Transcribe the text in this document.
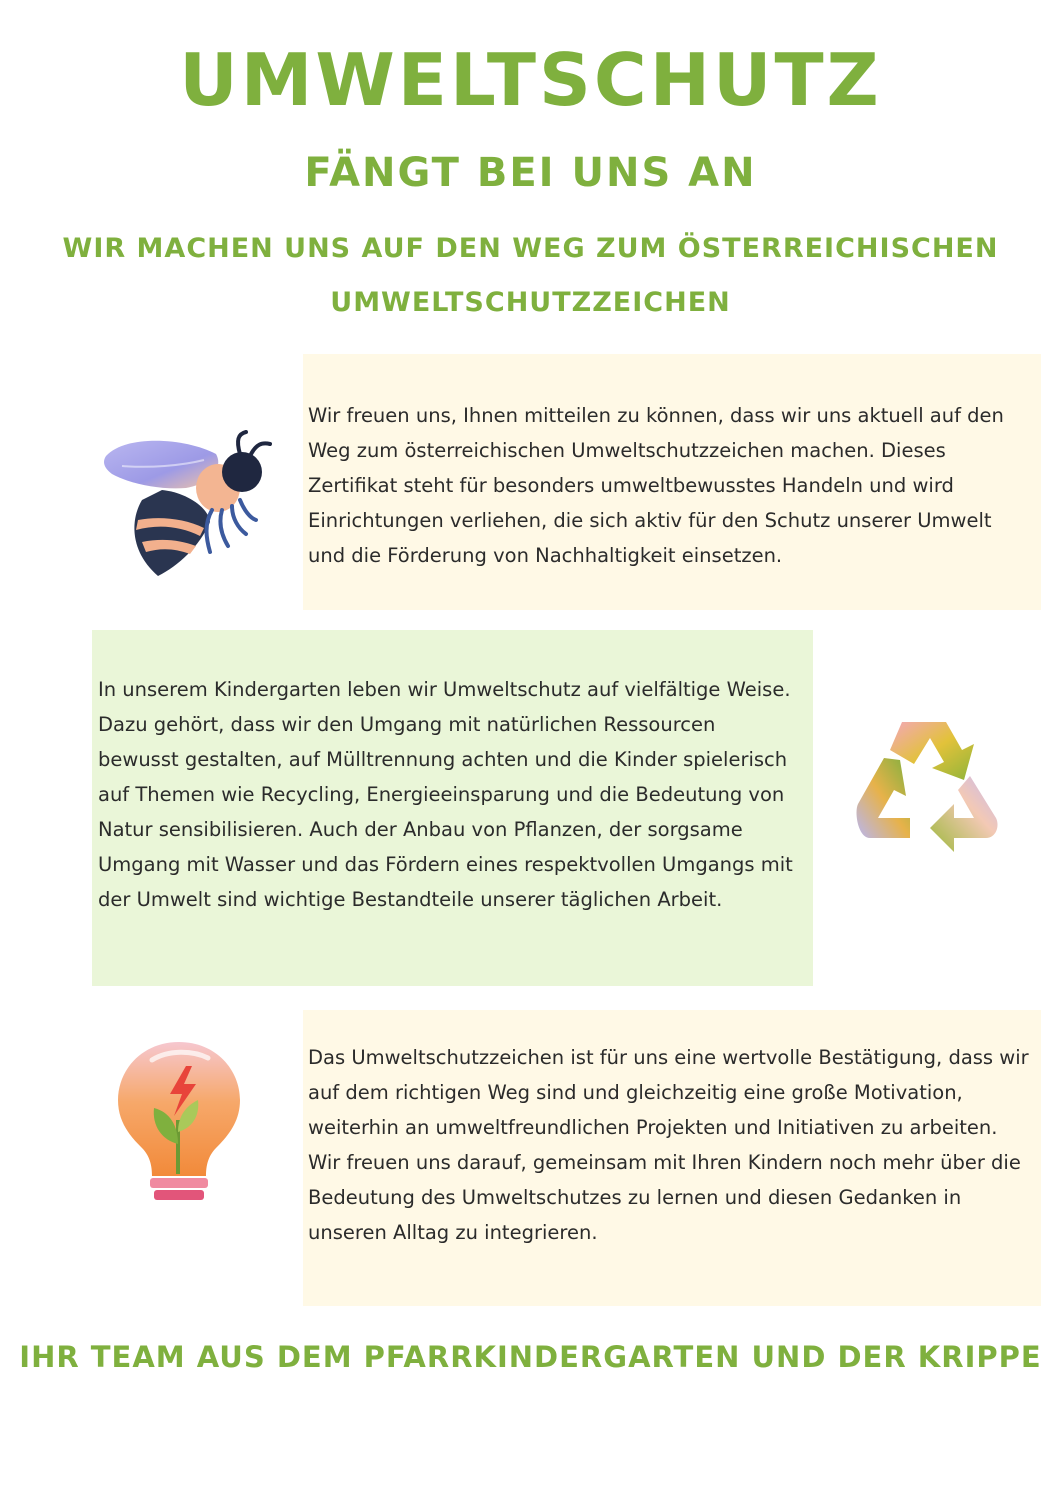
UMWELTSCHUTZ
FÄNGT BEI UNS AN
WIR MACHEN UNS AUF DEN WEG ZUM ÖSTERREICHISCHEN UMWELTSCHUTZZEICHEN

Wir freuen uns, Ihnen mitteilen zu können, dass wir uns aktuell auf den Weg zum österreichischen Umweltschutzzeichen machen. Dieses Zertifikat steht für besonders umweltbewusstes Handeln und wird Einrichtungen verliehen, die sich aktiv für den Schutz unserer Umwelt und die Förderung von Nachhaltigkeit einsetzen.

In unserem Kindergarten leben wir Umweltschutz auf vielfältige Weise. Dazu gehört, dass wir den Umgang mit natürlichen Ressourcen bewusst gestalten, auf Mülltrennung achten und die Kinder spielerisch auf Themen wie Recycling, Energieeinsparung und die Bedeutung von Natur sensibilisieren. Auch der Anbau von Pflanzen, der sorgsame Umgang mit Wasser und das Fördern eines respektvollen Umgangs mit der Umwelt sind wichtige Bestandteile unserer täglichen Arbeit.

Das Umweltschutzzeichen ist für uns eine wertvolle Bestätigung, dass wir auf dem richtigen Weg sind und gleichzeitig eine große Motivation, weiterhin an umweltfreundlichen Projekten und Initiativen zu arbeiten. Wir freuen uns darauf, gemeinsam mit Ihren Kindern noch mehr über die Bedeutung des Umweltschutzes zu lernen und diesen Gedanken in unseren Alltag zu integrieren.

IHR TEAM AUS DEM PFARRKINDERGARTEN UND DER KRIPPE
